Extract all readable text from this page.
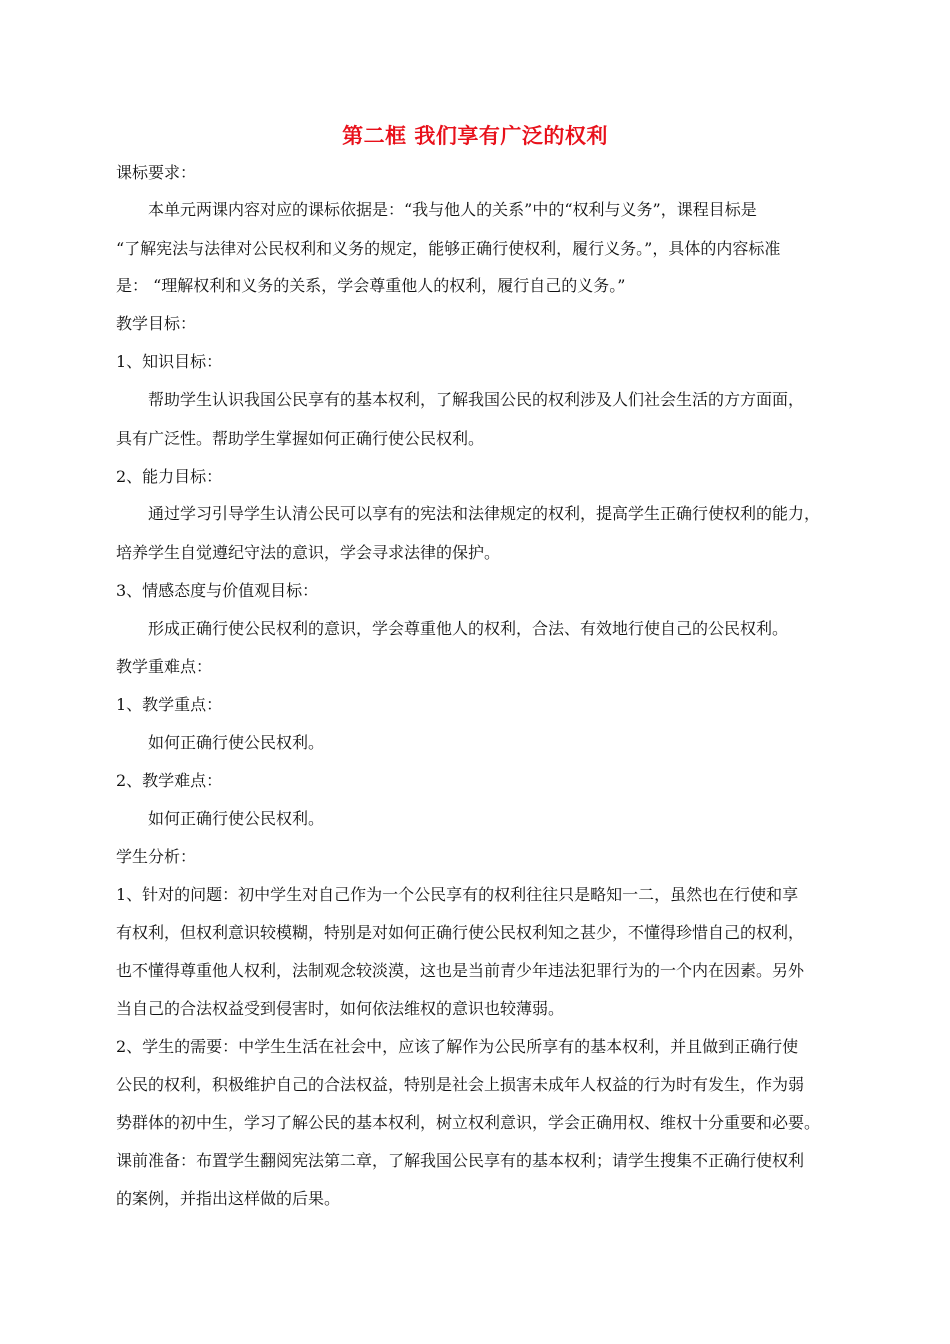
第二框 我们享有广泛的权利
课标要求：
本单元两课内容对应的课标依据是：“我与他人的关系”中的“权利与义务”，课程目标是
“了解宪法与法律对公民权利和义务的规定，能够正确行使权利，履行义务。”，具体的内容标准
是： “理解权利和义务的关系，学会尊重他人的权利，履行自己的义务。”
教学目标：
1、知识目标：
帮助学生认识我国公民享有的基本权利，了解我国公民的权利涉及人们社会生活的方方面面，
具有广泛性。帮助学生掌握如何正确行使公民权利。
2、能力目标：
通过学习引导学生认清公民可以享有的宪法和法律规定的权利，提高学生正确行使权利的能力，
培养学生自觉遵纪守法的意识，学会寻求法律的保护。
3、情感态度与价值观目标：
形成正确行使公民权利的意识，学会尊重他人的权利，合法、有效地行使自己的公民权利。
教学重难点：
1、教学重点：
如何正确行使公民权利。
2、教学难点：
如何正确行使公民权利。
学生分析：
1、针对的问题：初中学生对自己作为一个公民享有的权利往往只是略知一二，虽然也在行使和享
有权利，但权利意识较模糊，特别是对如何正确行使公民权利知之甚少，不懂得珍惜自己的权利，
也不懂得尊重他人权利，法制观念较淡漠，这也是当前青少年违法犯罪行为的一个内在因素。另外
当自己的合法权益受到侵害时，如何依法维权的意识也较薄弱。
2、学生的需要：中学生生活在社会中，应该了解作为公民所享有的基本权利，并且做到正确行使
公民的权利，积极维护自己的合法权益，特别是社会上损害未成年人权益的行为时有发生，作为弱
势群体的初中生，学习了解公民的基本权利，树立权利意识，学会正确用权、维权十分重要和必要。
课前准备：布置学生翻阅宪法第二章，了解我国公民享有的基本权利；请学生搜集不正确行使权利
的案例，并指出这样做的后果。
